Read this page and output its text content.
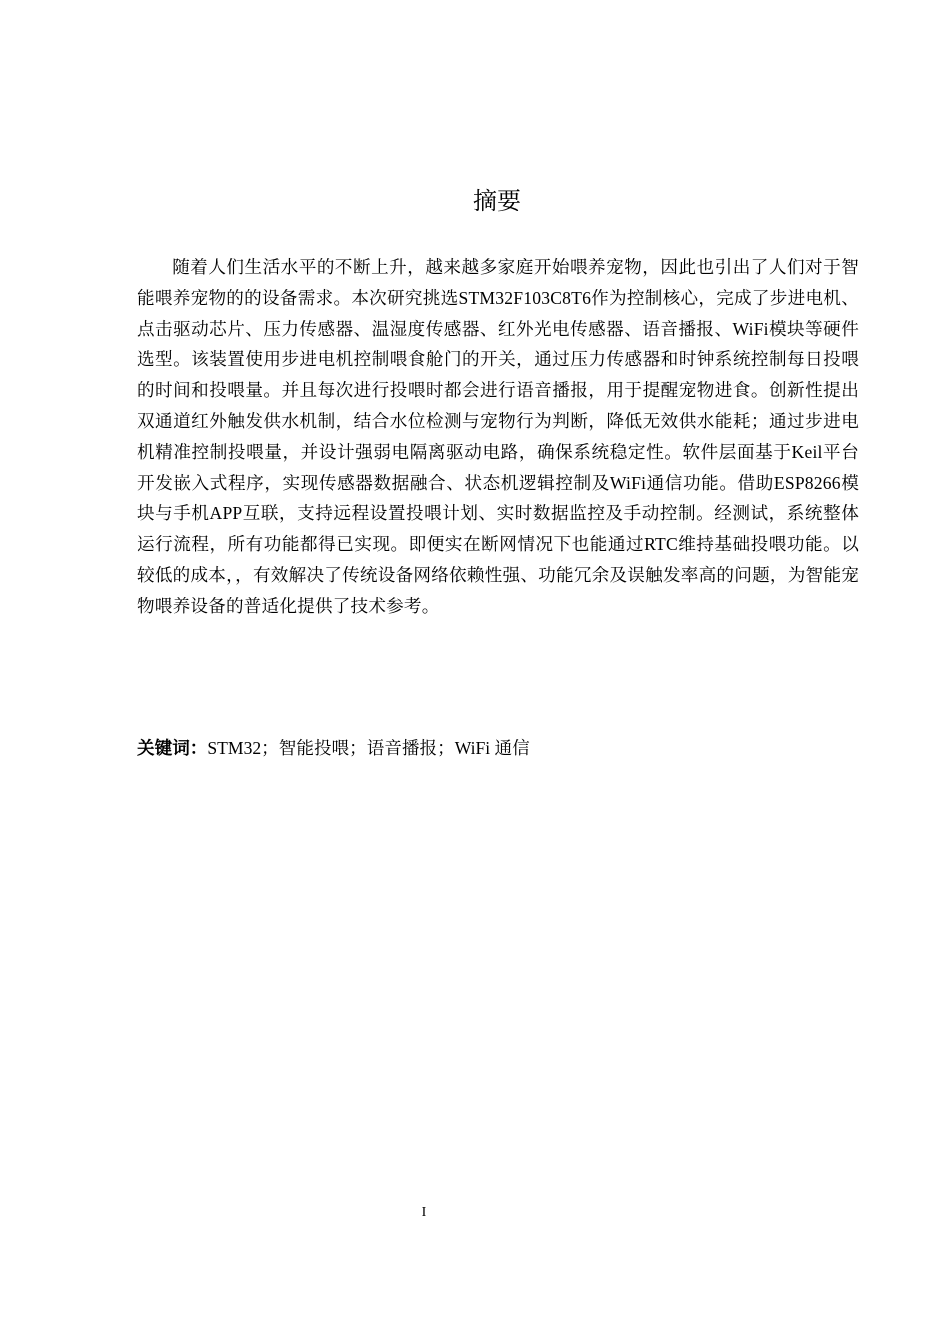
摘要

随着人们生活水平的不断上升，越来越多家庭开始喂养宠物，因此也引出了人们对于智能喂养宠物的的设备需求。本次研究挑选STM32F103C8T6作为控制核心，完成了步进电机、点击驱动芯片、压力传感器、温湿度传感器、红外光电传感器、语音播报、WiFi模块等硬件选型。该装置使用步进电机控制喂食舱门的开关，通过压力传感器和时钟系统控制每日投喂的时间和投喂量。并且每次进行投喂时都会进行语音播报，用于提醒宠物进食。创新性提出双通道红外触发供水机制，结合水位检测与宠物行为判断，降低无效供水能耗；通过步进电机精准控制投喂量，并设计强弱电隔离驱动电路，确保系统稳定性。软件层面基于Keil平台开发嵌入式程序，实现传感器数据融合、状态机逻辑控制及WiFi通信功能。借助ESP8266模块与手机APP互联，支持远程设置投喂计划、实时数据监控及手动控制。经测试，系统整体运行流程，所有功能都得已实现。即便实在断网情况下也能通过RTC维持基础投喂功能。以较低的成本，，有效解决了传统设备网络依赖性强、功能冗余及误触发率高的问题，为智能宠物喂养设备的普适化提供了技术参考。

关键词：STM32；智能投喂；语音播报；WiFi 通信

I
